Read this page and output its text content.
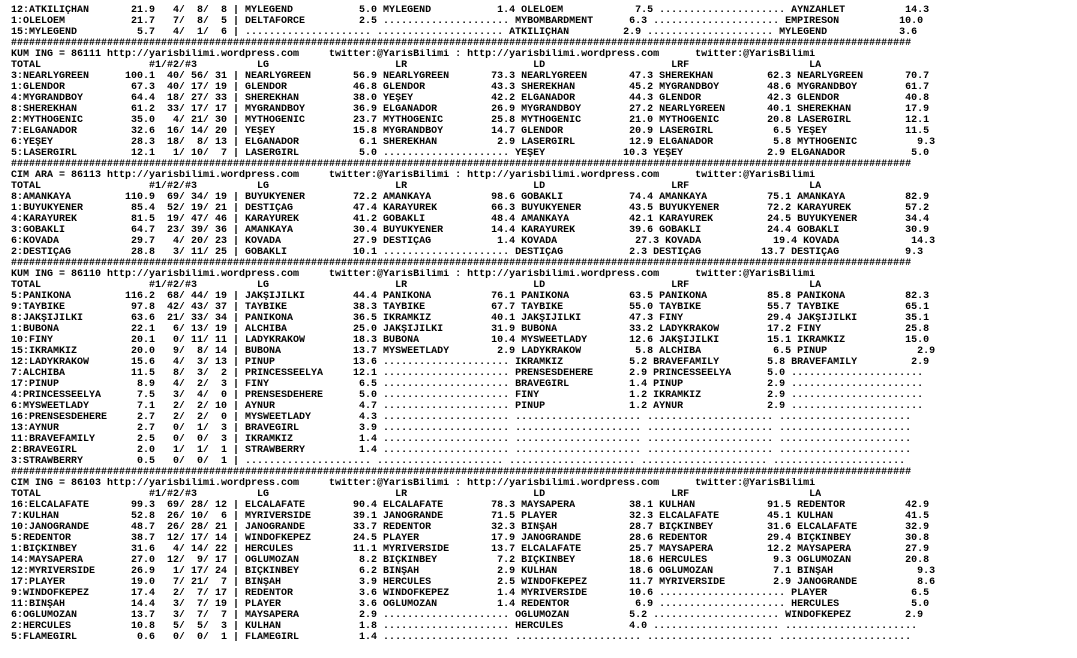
12:ATKILIÇHAN       21.9   4/  8/  8 | MYLEGEND           5.0 MYLEGEND           1.4 OLELOEM            7.5 ..................... AYNZAHLET          14.3
1:OLELOEM           21.7   7/  8/  5 | DELTAFORCE         2.5 ..................... MYBOMBARDMENT      6.3 ..................... EMPIRESON          10.0
15:MYLEGEND          5.7   4/  1/  6 | ..................... ..................... ATKILIÇHAN         2.9 ..................... MYLEGEND            3.6
######################################################################################################################################################
KUM ING = 86111 http://yarisbilimi.wordpress.com     twitter:@YarisBilimi : http://yarisbilimi.wordpress.com      twitter:@YarisBilimi
TOTAL                  #1/#2/#3          LG                     LR                     LD                     LRF                    LA
3:NEARLYGREEN      100.1  40/ 56/ 31 | NEARLYGREEN       56.9 NEARLYGREEN       73.3 NEARLYGREEN       47.3 SHEREKHAN         62.3 NEARLYGREEN       70.7
1:GLENDOR           67.3  40/ 17/ 19 | GLENDOR           46.8 GLENDOR           43.3 SHEREKHAN         45.2 MYGRANDBOY        48.6 MYGRANDBOY        61.7
4:MYGRANDBOY        64.4  18/ 27/ 33 | SHEREKHAN         38.0 YEŞEY             42.2 ELGANADOR         44.3 GLENDOR           42.3 GLENDOR           40.8
8:SHEREKHAN         61.2  33/ 17/ 17 | MYGRANDBOY        36.9 ELGANADOR         26.9 MYGRANDBOY        27.2 NEARLYGREEN       40.1 SHEREKHAN         17.9
2:MYTHOGENIC        35.0   4/ 21/ 30 | MYTHOGENIC        23.7 MYTHOGENIC        25.8 MYTHOGENIC        21.0 MYTHOGENIC        20.8 LASERGIRL         12.1
7:ELGANADOR         32.6  16/ 14/ 20 | YEŞEY             15.8 MYGRANDBOY        14.7 GLENDOR           20.9 LASERGIRL          6.5 YEŞEY             11.5
6:YEŞEY             28.3  18/  8/ 13 | ELGANADOR          6.1 SHEREKHAN          2.9 LASERGIRL         12.9 ELGANADOR          5.8 MYTHOGENIC          9.3
5:LASERGIRL         12.1   1/ 10/  7 | LASERGIRL          5.0 ..................... YEŞEY             10.3 YEŞEY              2.9 ELGANADOR           5.0
######################################################################################################################################################
CIM ARA = 86113 http://yarisbilimi.wordpress.com     twitter:@YarisBilimi : http://yarisbilimi.wordpress.com      twitter:@YarisBilimi
TOTAL                  #1/#2/#3          LG                     LR                     LD                     LRF                    LA
8:AMANKAYA         110.9  69/ 34/ 19 | BÜYÜKYENER        72.2 AMANKAYA          98.6 GOBAKLI           74.4 AMANKAYA          75.1 AMANKAYA          82.9
1:BÜYÜKYENER        85.4  52/ 19/ 21 | DESTİÇAĞ          47.4 KARAYÜREK         66.3 BÜYÜKYENER        43.5 BÜYÜKYENER        72.2 KARAYÜREK         57.2
4:KARAYÜREK         81.5  19/ 47/ 46 | KARAYÜREK         41.2 GOBAKLI           48.4 AMANKAYA          42.1 KARAYÜREK         24.5 BÜYÜKYENER        34.4
3:GOBAKLI           64.7  23/ 39/ 36 | AMANKAYA          30.4 BÜYÜKYENER        14.4 KARAYÜREK         39.6 GOBAKLI           24.4 GOBAKLI           30.9
6:KOVADA            29.7   4/ 20/ 23 | KOVADA            27.9 DESTİÇAĞ           1.4 KOVADA             27.3 KOVADA            19.4 KOVADA            14.3
2:DESTİÇAĞ          28.8   3/ 11/ 25 | GOBAKLI           10.1 ..................... DESTİÇAĞ           2.3 DESTİÇAĞ          13.7 DESTİÇAĞ           9.3
######################################################################################################################################################
KUM ING = 86110 http://yarisbilimi.wordpress.com     twitter:@YarisBilimi : http://yarisbilimi.wordpress.com      twitter:@YarisBilimi
TOTAL                  #1/#2/#3          LG                     LR                     LD                     LRF                    LA
5:PANIKONA         116.2  68/ 44/ 19 | JAKŞIJILKI        44.4 PANIKONA          76.1 PANIKONA          63.5 PANIKONA          85.8 PANIKONA          82.3
9:TAYBIKE           97.8  42/ 43/ 37 | TAYBIKE           38.3 TAYBIKE           67.7 TAYBIKE           55.0 TAYBIKE           55.7 TAYBIKE           65.1
8:JAKŞIJILKI        63.6  21/ 33/ 34 | PANIKONA          36.5 İKRAMKIZ          40.1 JAKŞIJILKI        47.3 FINY              29.4 JAKŞIJILKI        35.1
1:BUBONA            22.1   6/ 13/ 19 | ALCHIBA           25.0 JAKŞIJILKI        31.9 BUBONA            33.2 LADYKRAKOW        17.2 FINY              25.8
10:FINY             20.1   0/ 11/ 11 | LADYKRAKOW        18.3 BUBONA            10.4 MYSWEETLADY       12.6 JAKŞIJILKI        15.1 İKRAMKIZ          15.0
15:İKRAMKIZ         20.0   9/  8/ 14 | BUBONA            13.7 MYSWEETLADY        2.9 LADYKRAKOW         5.8 ALCHIBA            6.5 PINUP               2.9
12:LADYKRAKOW       15.6   4/  3/ 13 | PINUP             13.6 ..................... İKRAMKIZ           5.2 BRAVEFAMILY        5.8 BRAVEFAMILY         2.9
7:ALCHIBA           11.5   8/  3/  2 | PRINCESSEELYA     12.1 ..................... PRENSESDEHERE      2.9 PRINCESSEELYA      5.0 ......................
17:PINUP             8.9   4/  2/  3 | FINY               6.5 ..................... BRAVEGIRL          1.4 PINUP              2.9 ......................
4:PRINCESSEELYA      7.5   3/  4/  0 | PRENSESDEHERE      5.0 ..................... FINY               1.2 İKRAMKIZ           2.9 ......................
6:MYSWEETLADY        7.1   2/  2/ 10 | AYNUR              4.7 ..................... PINUP              1.2 AYNUR              2.9 ......................
16:PRENSESDEHERE     2.7   2/  2/  0 | MYSWEETLADY        4.3 ..................... ..................... ..................... ......................
13:AYNUR             2.7   0/  1/  3 | BRAVEGIRL          3.9 ..................... ..................... ..................... ......................
11:BRAVEFAMILY       2.5   0/  0/  3 | İKRAMKIZ           1.4 ..................... ..................... ..................... ......................
2:BRAVEGIRL          2.0   1/  1/  1 | STRAWBERRY         1.4 ..................... ..................... ..................... ......................
3:STRAWBERRY         0.5   0/  0/  1 | ..................... ..................... ..................... ..................... ......................
######################################################################################################################################################
CIM ING = 86103 http://yarisbilimi.wordpress.com     twitter:@YarisBilimi : http://yarisbilimi.wordpress.com      twitter:@YarisBilimi
TOTAL                  #1/#2/#3          LG                     LR                     LD                     LRF                    LA
16:ELCALAFATE       99.3  69/ 28/ 12 | ELCALAFATE        90.4 ELCALAFATE        78.3 MAYSAPERA         38.1 KÜLHAN            91.5 REDENTOR          42.9
7:KÜLHAN            52.8  26/ 10/  6 | MYRIVERSIDE       39.1 JANOGRANDE        71.5 PLAYER            32.3 ELCALAFATE        45.1 KÜLHAN            41.5
10:JANOGRANDE       48.7  26/ 28/ 21 | JANOGRANDE        33.7 REDENTOR          32.3 BİNŞAH            28.7 BIÇKINBEY         31.6 ELCALAFATE        32.9
5:REDENTOR          38.7  12/ 17/ 14 | WINDOFKEPEZ       24.5 PLAYER            17.9 JANOGRANDE        28.6 REDENTOR          29.4 BIÇKINBEY         30.8
1:BIÇKINBEY         31.6   4/ 14/ 22 | HERCULES          11.1 MYRIVERSIDE       13.7 ELCALAFATE        25.7 MAYSAPERA         12.2 MAYSAPERA         27.9
14:MAYSAPERA        27.0  12/  9/ 17 | OĞLUMOZAN          8.2 BIÇKINBEY          7.2 BIÇKINBEY         18.6 HERCULES           9.3 OĞLUMOZAN         20.8
12:MYRIVERSIDE      26.9   1/ 17/ 24 | BIÇKINBEY          6.2 BİNŞAH             2.9 KÜLHAN            18.6 OĞLUMOZAN          7.1 BİNŞAH              9.3
17:PLAYER           19.0   7/ 21/  7 | BİNŞAH             3.9 HERCULES           2.5 WINDOFKEPEZ       11.7 MYRIVERSIDE        2.9 JANOGRANDE          8.6
9:WINDOFKEPEZ       17.4   2/  7/ 17 | REDENTOR           3.6 WINDOFKEPEZ        1.4 MYRIVERSIDE       10.6 ..................... PLAYER              6.5
11:BİNŞAH           14.4   3/  7/ 19 | PLAYER             3.6 OĞLUMOZAN          1.4 REDENTOR           6.9 ..................... HERCULES            5.0
6:OĞLUMOZAN         13.7   3/  7/  7 | MAYSAPERA          2.9 ..................... OĞLUMOZAN          5.2 ..................... WINDOFKEPEZ         2.9
2:HERCULES          10.8   5/  5/  3 | KÜLHAN             1.8 ..................... HERCULES           4.0 ..................... ......................
5:FLAMEGIRL          0.6   0/  0/  1 | FLAMEGIRL          1.4 ..................... ..................... ..................... ......................
